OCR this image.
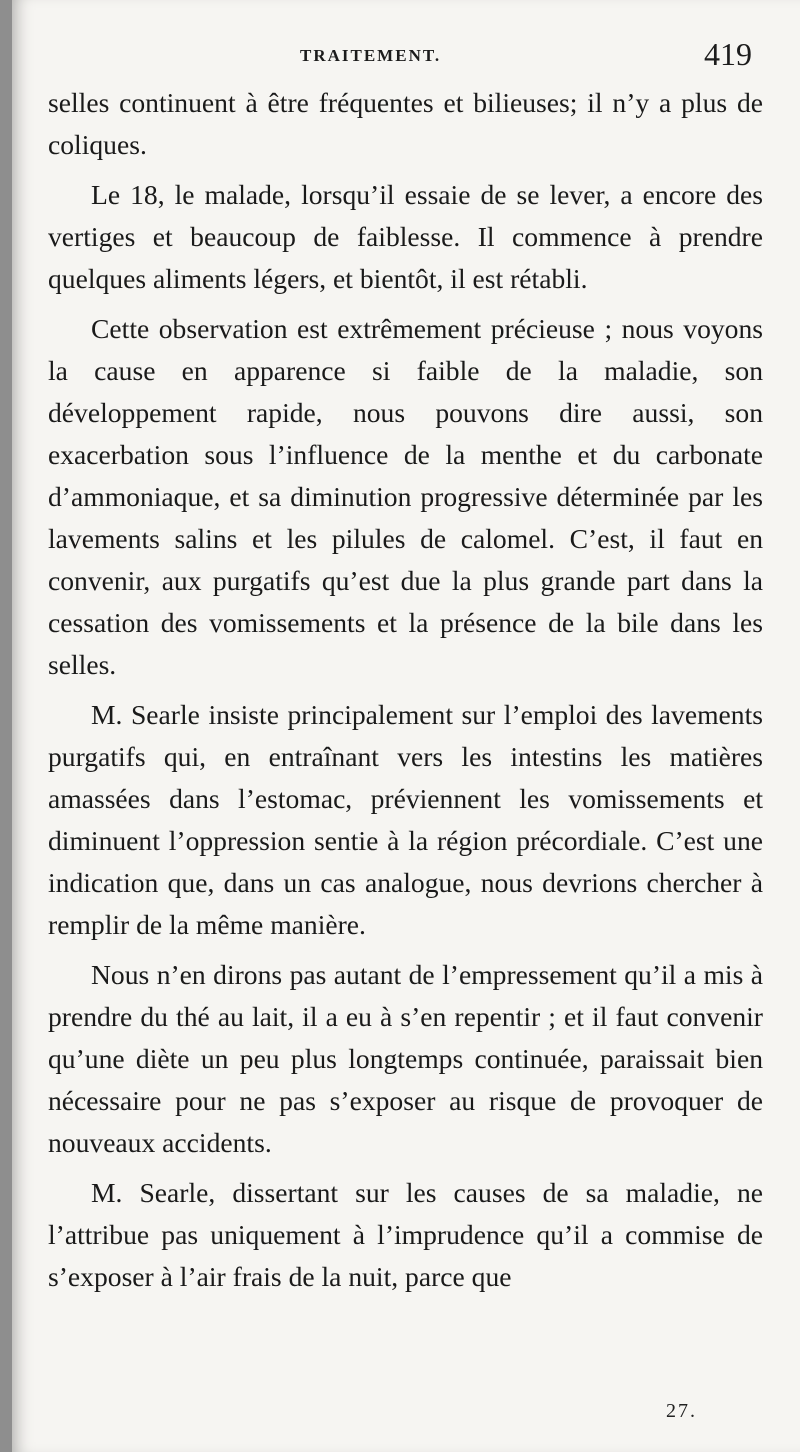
TRAITEMENT.	419

selles continuent à être fréquentes et bilieuses; il n’y a plus de coliques.

Le 18, le malade, lorsqu’il essaie de se lever, a encore des vertiges et beaucoup de faiblesse. Il commence à prendre quelques aliments légers, et bientôt, il est rétabli.

Cette observation est extrêmement précieuse ; nous voyons la cause en apparence si faible de la maladie, son développement rapide, nous pouvons dire aussi, son exacerbation sous l’influence de la menthe et du carbonate d’ammoniaque, et sa diminution progressive déterminée par les lavements salins et les pilules de calomel. C’est, il faut en convenir, aux purgatifs qu’est due la plus grande part dans la cessation des vomissements et la présence de la bile dans les selles.

M. Searle insiste principalement sur l’emploi des lavements purgatifs qui, en entraînant vers les intestins les matières amassées dans l’estomac, préviennent les vomissements et diminuent l’oppression sentie à la région précordiale. C’est une indication que, dans un cas analogue, nous devrions chercher à remplir de la même manière.

Nous n’en dirons pas autant de l’empressement qu’il a mis à prendre du thé au lait, il a eu à s’en repentir ; et il faut convenir qu’une diète un peu plus longtemps continuée, paraissait bien nécessaire pour ne pas s’exposer au risque de provoquer de nouveaux accidents.

M. Searle, dissertant sur les causes de sa maladie, ne l’attribue pas uniquement à l’imprudence qu’il a commise de s’exposer à l’air frais de la nuit, parce que

27.
